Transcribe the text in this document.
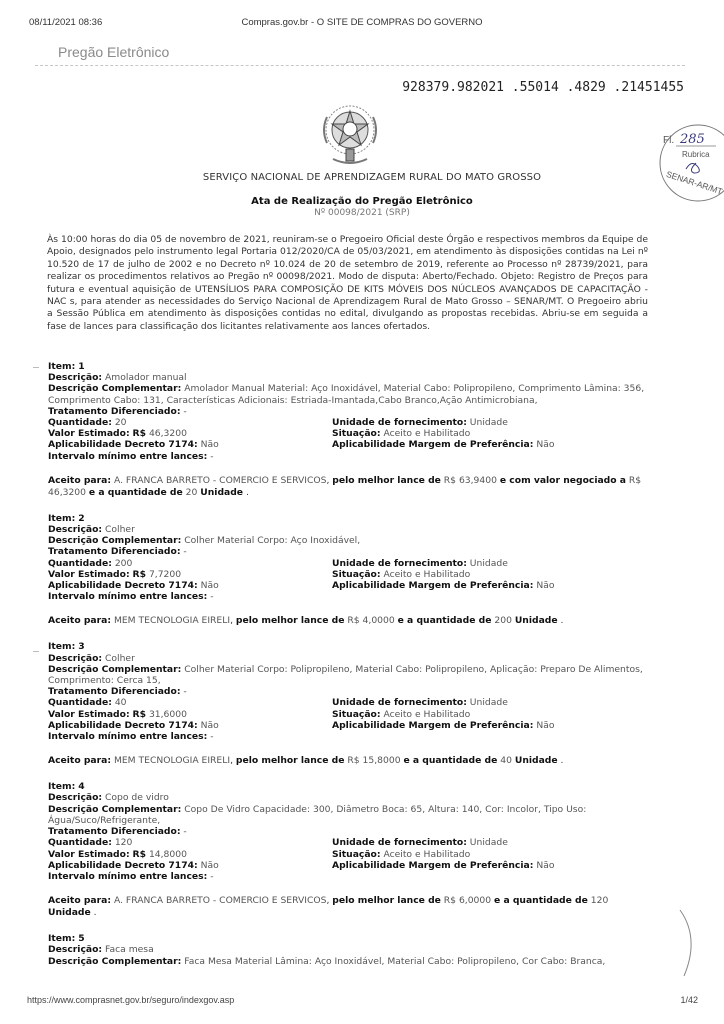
08/11/2021 08:36	Compras.gov.br - O SITE DE COMPRAS DO GOVERNO
Pregão Eletrônico
928379.982021 .55014 .4829 .21451455
Fl. 285
Rubrica
SENAR-AR/MT
SERVIÇO NACIONAL DE APRENDIZAGEM RURAL DO MATO GROSSO
Ata de Realização do Pregão Eletrônico
Nº 00098/2021 (SRP)
Às 10:00 horas do dia 05 de novembro de 2021, reuniram-se o Pregoeiro Oficial deste Órgão e respectivos membros da Equipe de Apoio, designados pelo instrumento legal Portaria 012/2020/CA de 05/03/2021, em atendimento às disposições contidas na Lei nº 10.520 de 17 de julho de 2002 e no Decreto nº 10.024 de 20 de setembro de 2019, referente ao Processo nº 28739/2021, para realizar os procedimentos relativos ao Pregão nº 00098/2021. Modo de disputa: Aberto/Fechado. Objeto: Registro de Preços para futura e eventual aquisição de UTENSÍLIOS PARA COMPOSIÇÃO DE KITS MÓVEIS DOS NÚCLEOS AVANÇADOS DE CAPACITAÇÃO - NAC s, para atender as necessidades do Serviço Nacional de Aprendizagem Rural de Mato Grosso – SENAR/MT. O Pregoeiro abriu a Sessão Pública em atendimento às disposições contidas no edital, divulgando as propostas recebidas. Abriu-se em seguida a fase de lances para classificação dos licitantes relativamente aos lances ofertados.
Item: 1
Descrição: Amolador manual
Descrição Complementar: Amolador Manual Material: Aço Inoxidável, Material Cabo: Polipropileno, Comprimento Lâmina: 356, Comprimento Cabo: 131, Características Adicionais: Estriada-Imantada,Cabo Branco,Ação Antimicrobiana,
Tratamento Diferenciado: -
Quantidade: 20	Unidade de fornecimento: Unidade
Valor Estimado: R$ 46,3200	Situação: Aceito e Habilitado
Aplicabilidade Decreto 7174: Não	Aplicabilidade Margem de Preferência: Não
Intervalo mínimo entre lances: -
Aceito para: A. FRANCA BARRETO - COMERCIO E SERVICOS, pelo melhor lance de R$ 63,9400 e com valor negociado a R$ 46,3200 e a quantidade de 20 Unidade .
Item: 2
Descrição: Colher
Descrição Complementar: Colher Material Corpo: Aço Inoxidável,
Tratamento Diferenciado: -
Quantidade: 200	Unidade de fornecimento: Unidade
Valor Estimado: R$ 7,7200	Situação: Aceito e Habilitado
Aplicabilidade Decreto 7174: Não	Aplicabilidade Margem de Preferência: Não
Intervalo mínimo entre lances: -
Aceito para: MEM TECNOLOGIA EIRELI, pelo melhor lance de R$ 4,0000 e a quantidade de 200 Unidade .
Item: 3
Descrição: Colher
Descrição Complementar: Colher Material Corpo: Polipropileno, Material Cabo: Polipropileno, Aplicação: Preparo De Alimentos, Comprimento: Cerca 15,
Tratamento Diferenciado: -
Quantidade: 40	Unidade de fornecimento: Unidade
Valor Estimado: R$ 31,6000	Situação: Aceito e Habilitado
Aplicabilidade Decreto 7174: Não	Aplicabilidade Margem de Preferência: Não
Intervalo mínimo entre lances: -
Aceito para: MEM TECNOLOGIA EIRELI, pelo melhor lance de R$ 15,8000 e a quantidade de 40 Unidade .
Item: 4
Descrição: Copo de vidro
Descrição Complementar: Copo De Vidro Capacidade: 300, Diâmetro Boca: 65, Altura: 140, Cor: Incolor, Tipo Uso: Água/Suco/Refrigerante,
Tratamento Diferenciado: -
Quantidade: 120	Unidade de fornecimento: Unidade
Valor Estimado: R$ 14,8000	Situação: Aceito e Habilitado
Aplicabilidade Decreto 7174: Não	Aplicabilidade Margem de Preferência: Não
Intervalo mínimo entre lances: -
Aceito para: A. FRANCA BARRETO - COMERCIO E SERVICOS, pelo melhor lance de R$ 6,0000 e a quantidade de 120 Unidade .
Item: 5
Descrição: Faca mesa
Descrição Complementar: Faca Mesa Material Lâmina: Aço Inoxidável, Material Cabo: Polipropileno, Cor Cabo: Branca,
https://www.comprasnet.gov.br/seguro/indexgov.asp	1/42
